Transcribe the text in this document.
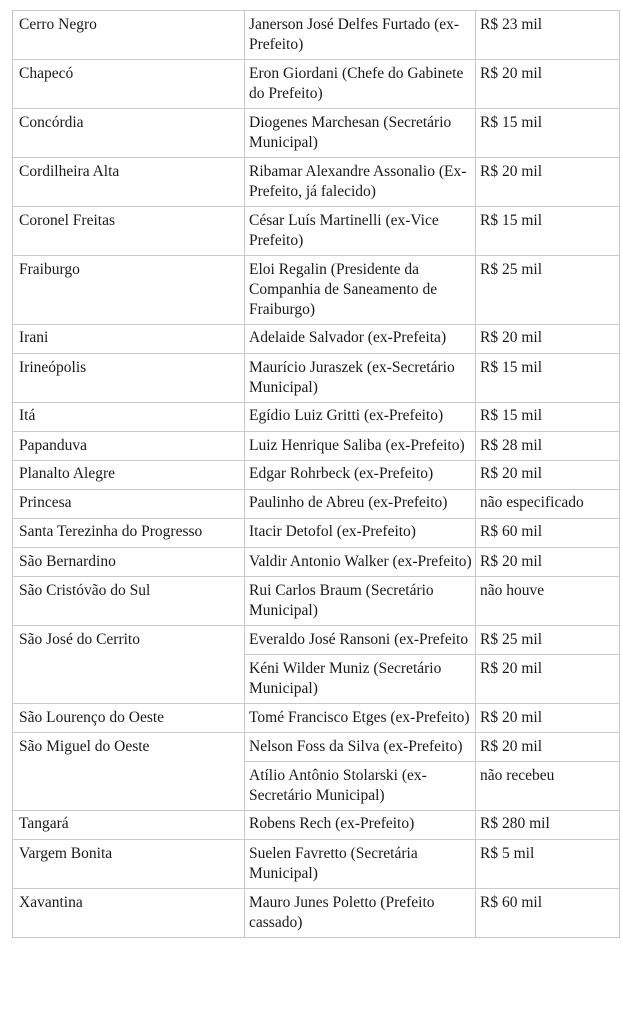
Cerro Negro	Janerson José Delfes Furtado (ex-Prefeito)	R$ 23 mil
Chapecó	Eron Giordani (Chefe do Gabinete do Prefeito)	R$ 20 mil
Concórdia	Diogenes Marchesan (Secretário Municipal)	R$ 15 mil
Cordilheira Alta	Ribamar Alexandre Assonalio (Ex-Prefeito, já falecido)	R$ 20 mil
Coronel Freitas	César Luís Martinelli (ex-Vice Prefeito)	R$ 15 mil
Fraiburgo	Eloi Regalin (Presidente da Companhia de Saneamento de Fraiburgo)	R$ 25 mil
Irani	Adelaide Salvador (ex-Prefeita)	R$ 20 mil
Irineópolis	Maurício Juraszek (ex-Secretário Municipal)	R$ 15 mil
Itá	Egídio Luiz Gritti (ex-Prefeito)	R$ 15 mil
Papanduva	Luiz Henrique Saliba (ex-Prefeito)	R$ 28 mil
Planalto Alegre	Edgar Rohrbeck (ex-Prefeito)	R$ 20 mil
Princesa	Paulinho de Abreu (ex-Prefeito)	não especificado
Santa Terezinha do Progresso	Itacir Detofol (ex-Prefeito)	R$ 60 mil
São Bernardino	Valdir Antonio Walker (ex-Prefeito)	R$ 20 mil
São Cristóvão do Sul	Rui Carlos Braum (Secretário Municipal)	não houve
São José do Cerrito	Everaldo José Ransoni (ex-Prefeito	R$ 25 mil
	Kéni Wilder Muniz (Secretário Municipal)	R$ 20 mil
São Lourenço do Oeste	Tomé Francisco Etges (ex-Prefeito)	R$ 20 mil
São Miguel do Oeste	Nelson Foss da Silva (ex-Prefeito)	R$ 20 mil
	Atílio Antônio Stolarski (ex-Secretário Municipal)	não recebeu
Tangará	Robens Rech (ex-Prefeito)	R$ 280 mil
Vargem Bonita	Suelen Favretto (Secretária Municipal)	R$ 5 mil
Xavantina	Mauro Junes Poletto (Prefeito cassado)	R$ 60 mil
